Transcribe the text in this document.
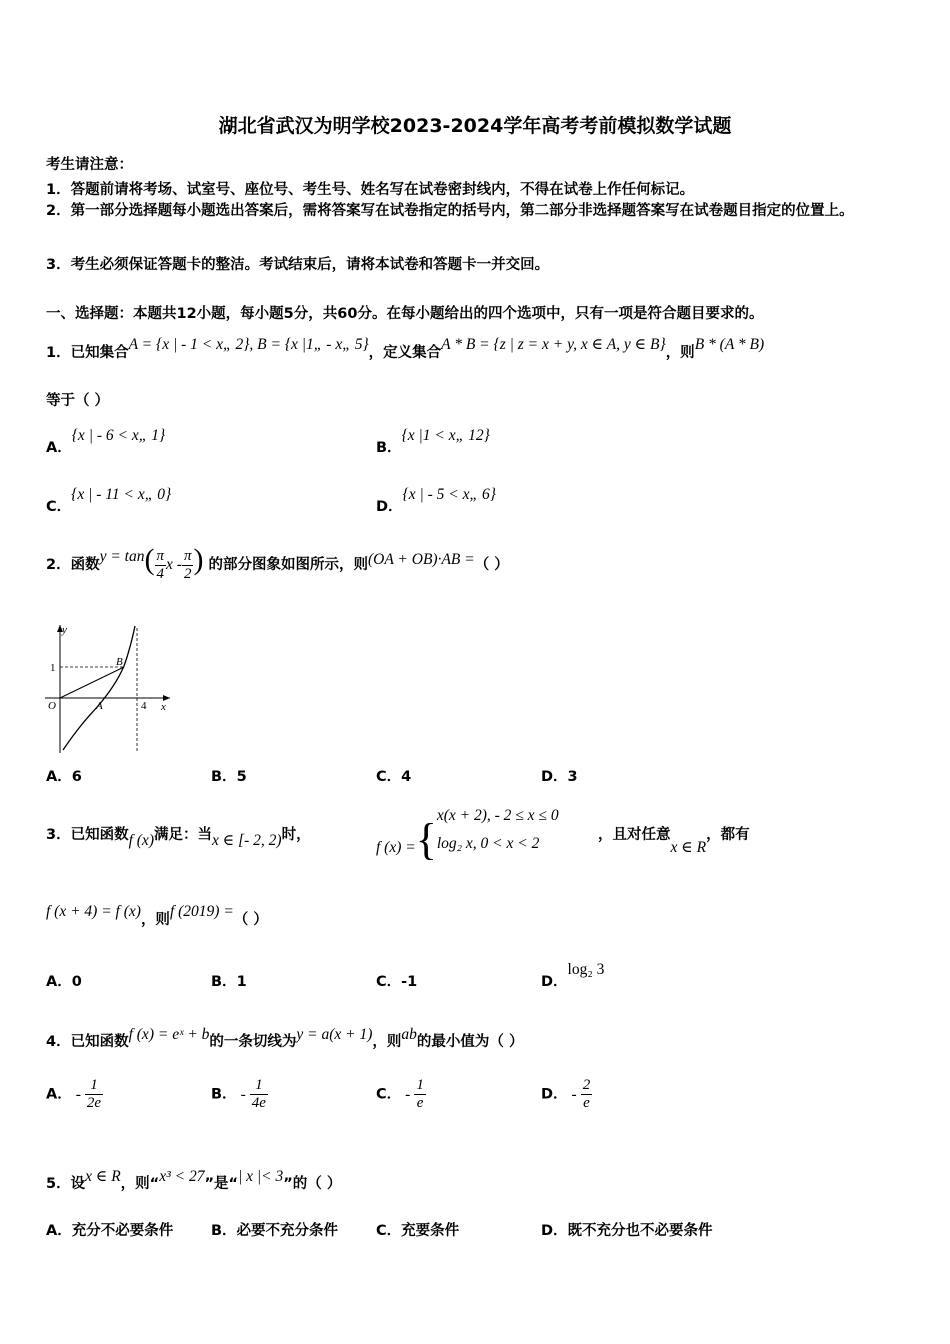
湖北省武汉为明学校2023-2024学年高考考前模拟数学试题
考生请注意：
1．答题前请将考场、试室号、座位号、考生号、姓名写在试卷密封线内，不得在试卷上作任何标记。
2．第一部分选择题每小题选出答案后，需将答案写在试卷指定的括号内，第二部分非选择题答案写在试卷题目指定的位置上。
3．考生必须保证答题卡的整洁。考试结束后，请将本试卷和答题卡一并交回。
一、选择题：本题共12小题，每小题5分，共60分。在每小题给出的四个选项中，只有一项是符合题目要求的。
1．已知集合A = {x | - 1 < x„ 2}, B = {x |1„ - x„ 5}，定义集合A * B = {z | z = x + y, x ∈ A, y ∈ B}，则B * (A * B)
等于（ ）
A．{x | - 6 < x„ 1}
B．{x |1 < x„ 12}
C．{x | - 11 < x„ 0}
D．{x | - 5 < x„ 6}
2．函数$y = \tan( \frac{\pi}{4}$ x - $\frac{\pi}{2}$ ) 的部分图象如图所示，则(OA + OB)·AB =（ ）
y
x
1
O	A
B
4
A．6	B．5	C．4	D．3
3．已知函数f (x)满足：当x ∈ [- 2, 2)时，
f (x) ={ x(x + 2), - 2 ≤ x ≤ 0
log₂ x, 0 < x < 2	，且对任意x ∈ R，都有
f (x + 4) = f (x)，则f (2019) =（ ）
A．0	B．1	C．-1	D．log₂ 3
4．已知函数f (x) = eˣ + b的一条切线为y = a(x + 1)，则ab的最小值为（ ）
A． - $\frac{1}{2e}$	B． - $\frac{1}{4e}$	C． - $\frac{1}{e}$	D． - $\frac{2}{e}$
5．设x ∈ R，则“x³ < 27”是“| x |< 3”的（ ）
A．充分不必要条件	B．必要不充分条件	C．充要条件	D．既不充分也不必要条件
